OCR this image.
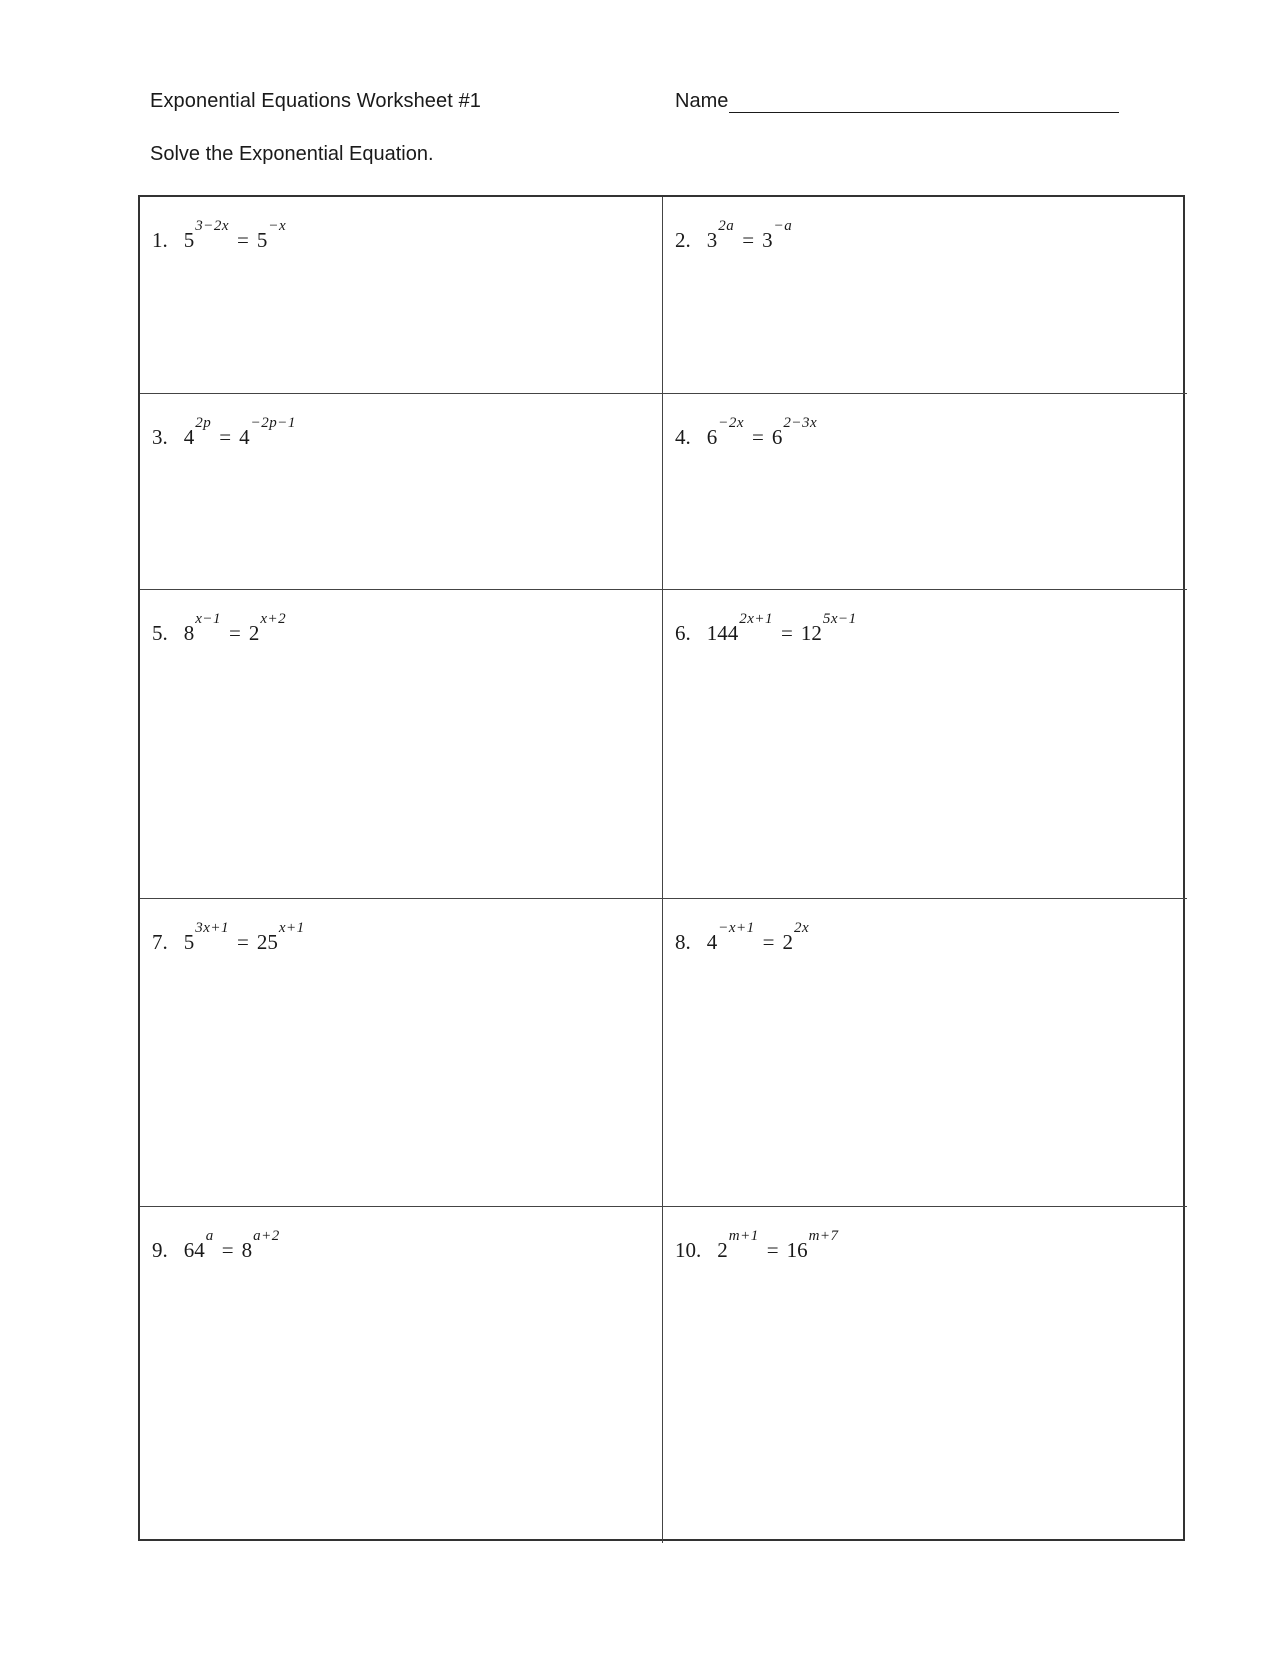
Exponential Equations Worksheet #1	Name
Solve the Exponential Equation.
1. $5^{3-2x}= 5^{-x}$
2. $3^{2a}= 3^{-a}$
3. $4^{2p}= 4^{-2p-1}$
4. $6^{-2x}= 6^{2-3x}$
5. $8^{x-1}= 2^{x+2}$
6. $144^{2x+1}= 12^{5x-1}$
7. $5^{3x+1}= 25^{x+1}$
8. $4^{-x+1}= 2^{2x}$
9. $64^a= 8^{a+2}$
10. $2^{m+1}= 16^{m+7}$
